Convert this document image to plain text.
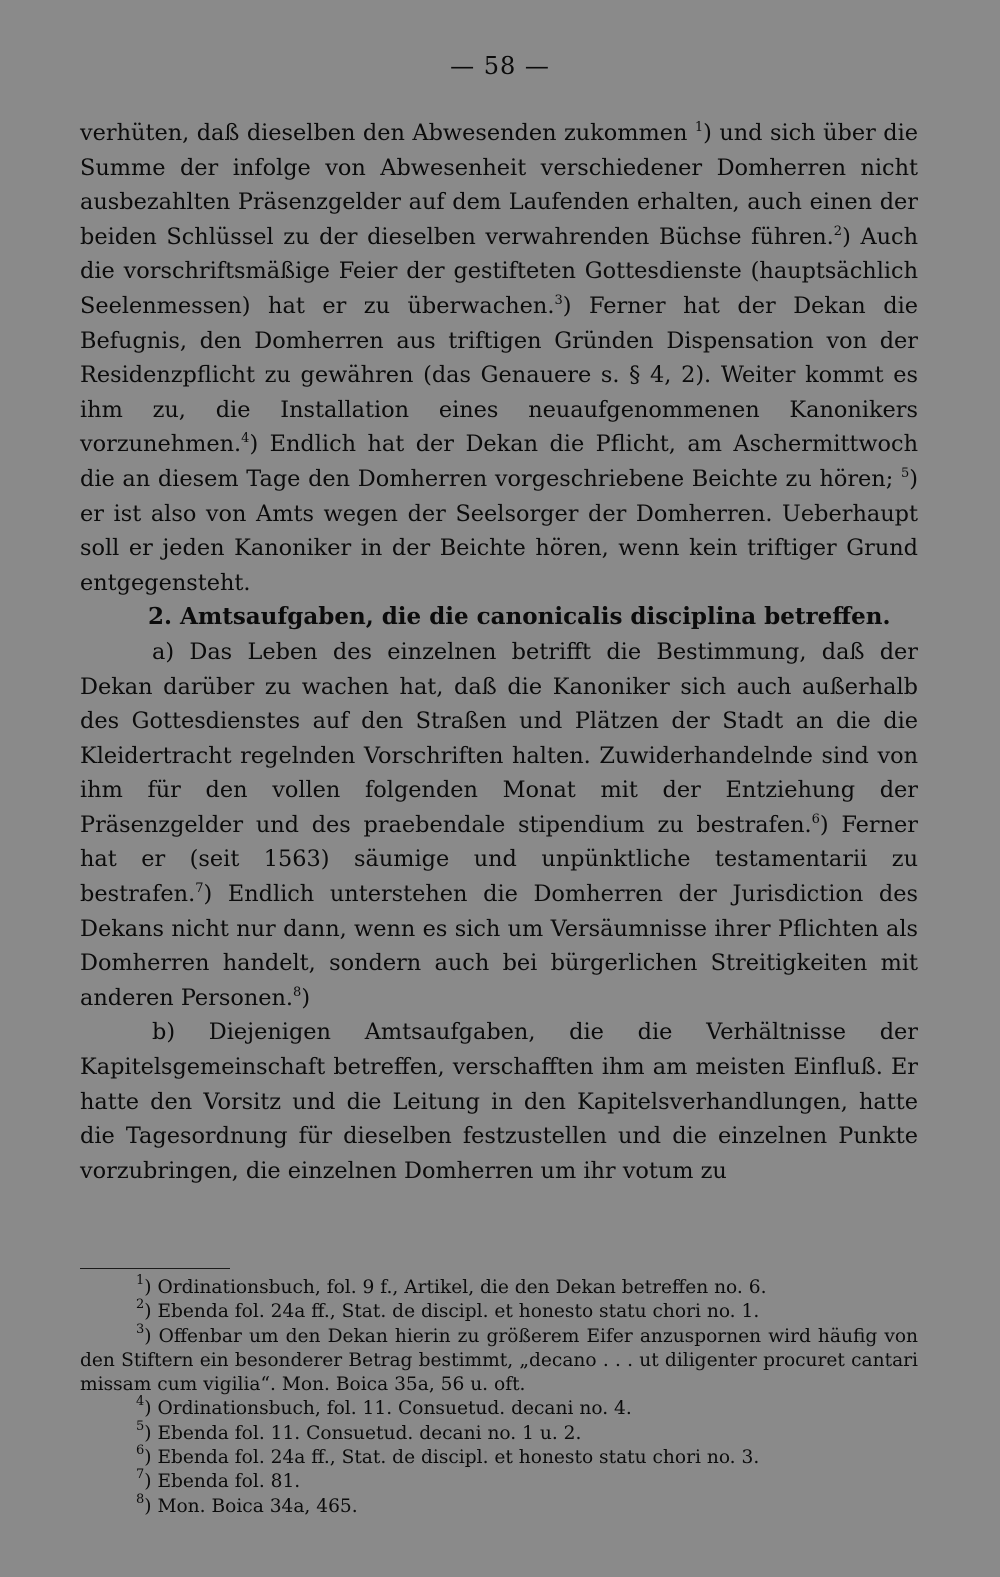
— 58 —

verhüten, daß dieselben den Abwesenden zukommen $^1$) und sich über die Summe der infolge von Abwesenheit verschiedener Domherren nicht ausbezahlten Präsenzgelder auf dem Laufenden erhalten, auch einen der beiden Schlüssel zu der dieselben verwahrenden Büchse führen.$^2$) Auch die vorschriftsmäßige Feier der gestifteten Gottesdienste (hauptsächlich Seelenmessen) hat er zu überwachen.$^3$) Ferner hat der Dekan die Befugnis, den Domherren aus triftigen Gründen Dispensation von der Residenzpflicht zu gewähren (das Genauere s. § 4, 2). Weiter kommt es ihm zu, die Installation eines neuaufgenommenen Kanonikers vorzunehmen.$^4$) Endlich hat der Dekan die Pflicht, am Aschermittwoch die an diesem Tage den Domherren vorgeschriebene Beichte zu hören; $^5$) er ist also von Amts wegen der Seelsorger der Domherren. Ueberhaupt soll er jeden Kanoniker in der Beichte hören, wenn kein triftiger Grund entgegensteht.

2. Amtsaufgaben, die die canonicalis disciplina betreffen.

a) Das Leben des einzelnen betrifft die Bestimmung, daß der Dekan darüber zu wachen hat, daß die Kanoniker sich auch außerhalb des Gottesdienstes auf den Straßen und Plätzen der Stadt an die die Kleidertracht regelnden Vorschriften halten. Zuwiderhandelnde sind von ihm für den vollen folgenden Monat mit der Entziehung der Präsenzgelder und des praebendale stipendium zu bestrafen.$^6$) Ferner hat er (seit 1563) säumige und unpünktliche testamentarii zu bestrafen.$^7$) Endlich unterstehen die Domherren der Jurisdiction des Dekans nicht nur dann, wenn es sich um Versäumnisse ihrer Pflichten als Domherren handelt, sondern auch bei bürgerlichen Streitigkeiten mit anderen Personen.$^8$)

b) Diejenigen Amtsaufgaben, die die Verhältnisse der Kapitelsgemeinschaft betreffen, verschafften ihm am meisten Einfluß. Er hatte den Vorsitz und die Leitung in den Kapitelsverhandlungen, hatte die Tagesordnung für dieselben festzustellen und die einzelnen Punkte vorzubringen, die einzelnen Domherren um ihr votum zu

$^1$) Ordinationsbuch, fol. 9 f., Artikel, die den Dekan betreffen no. 6.

$^2$) Ebenda fol. 24a ff., Stat. de discipl. et honesto statu chori no. 1.

$^3$) Offenbar um den Dekan hierin zu größerem Eifer anzuspornen wird häufig von den Stiftern ein besonderer Betrag bestimmt, „decano . . . ut diligenter procuret cantari missam cum vigilia“. Mon. Boica 35a, 56 u. oft.

$^4$) Ordinationsbuch, fol. 11. Consuetud. decani no. 4.

$^5$) Ebenda fol. 11. Consuetud. decani no. 1 u. 2.

$^6$) Ebenda fol. 24a ff., Stat. de discipl. et honesto statu chori no. 3.

$^7$) Ebenda fol. 81.

$^8$) Mon. Boica 34a, 465.
